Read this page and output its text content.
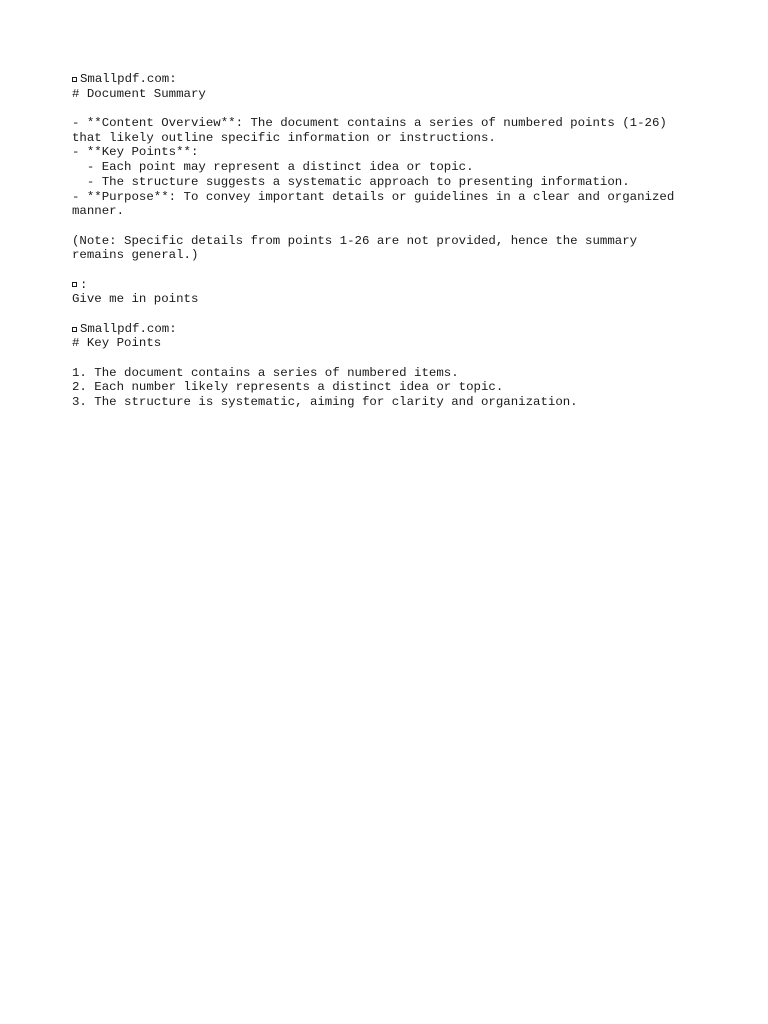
Smallpdf.com:
# Document Summary
- **Content Overview**: The document contains a series of numbered points (1-26)
that likely outline specific information or instructions.
- **Key Points**:
- Each point may represent a distinct idea or topic.
- The structure suggests a systematic approach to presenting information.
- **Purpose**: To convey important details or guidelines in a clear and organized
manner.
(Note: Specific details from points 1-26 are not provided, hence the summary
remains general.)
:
Give me in points
Smallpdf.com:
# Key Points
1. The document contains a series of numbered items.
2. Each number likely represents a distinct idea or topic.
3. The structure is systematic, aiming for clarity and organization.
